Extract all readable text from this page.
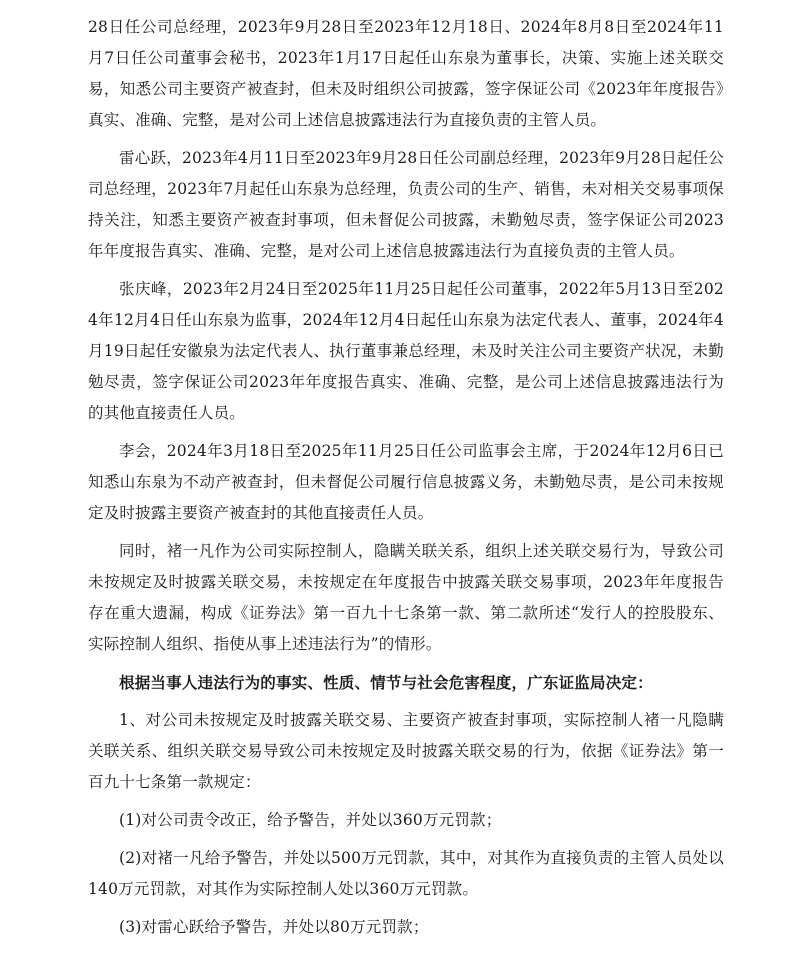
28日任公司总经理，2023年9月28日至2023年12月18日、2024年8月8日至2024年11月7日任公司董事会秘书，2023年1月17日起任山东泉为董事长，决策、实施上述关联交易，知悉公司主要资产被查封，但未及时组织公司披露，签字保证公司《2023年年度报告》真实、准确、完整，是对公司上述信息披露违法行为直接负责的主管人员。

雷心跃，2023年4月11日至2023年9月28日任公司副总经理，2023年9月28日起任公司总经理，2023年7月起任山东泉为总经理，负责公司的生产、销售，未对相关交易事项保持关注，知悉主要资产被查封事项，但未督促公司披露，未勤勉尽责，签字保证公司2023年年度报告真实、准确、完整，是对公司上述信息披露违法行为直接负责的主管人员。

张庆峰，2023年2月24日至2025年11月25日起任公司董事，2022年5月13日至2024年12月4日任山东泉为监事，2024年12月4日起任山东泉为法定代表人、董事，2024年4月19日起任安徽泉为法定代表人、执行董事兼总经理，未及时关注公司主要资产状况，未勤勉尽责，签字保证公司2023年年度报告真实、准确、完整，是公司上述信息披露违法行为的其他直接责任人员。

李会，2024年3月18日至2025年11月25日任公司监事会主席，于2024年12月6日已知悉山东泉为不动产被查封，但未督促公司履行信息披露义务，未勤勉尽责，是公司未按规定及时披露主要资产被查封的其他直接责任人员。

同时，褚一凡作为公司实际控制人，隐瞒关联关系，组织上述关联交易行为，导致公司未按规定及时披露关联交易，未按规定在年度报告中披露关联交易事项，2023年年度报告存在重大遗漏，构成《证券法》第一百九十七条第一款、第二款所述“发行人的控股股东、实际控制人组织、指使从事上述违法行为”的情形。

根据当事人违法行为的事实、性质、情节与社会危害程度，广东证监局决定：

1、对公司未按规定及时披露关联交易、主要资产被查封事项，实际控制人褚一凡隐瞒关联关系、组织关联交易导致公司未按规定及时披露关联交易的行为，依据《证券法》第一百九十七条第一款规定：

(1)对公司责令改正，给予警告，并处以360万元罚款；

(2)对褚一凡给予警告，并处以500万元罚款，其中，对其作为直接负责的主管人员处以140万元罚款，对其作为实际控制人处以360万元罚款。

(3)对雷心跃给予警告，并处以80万元罚款；
